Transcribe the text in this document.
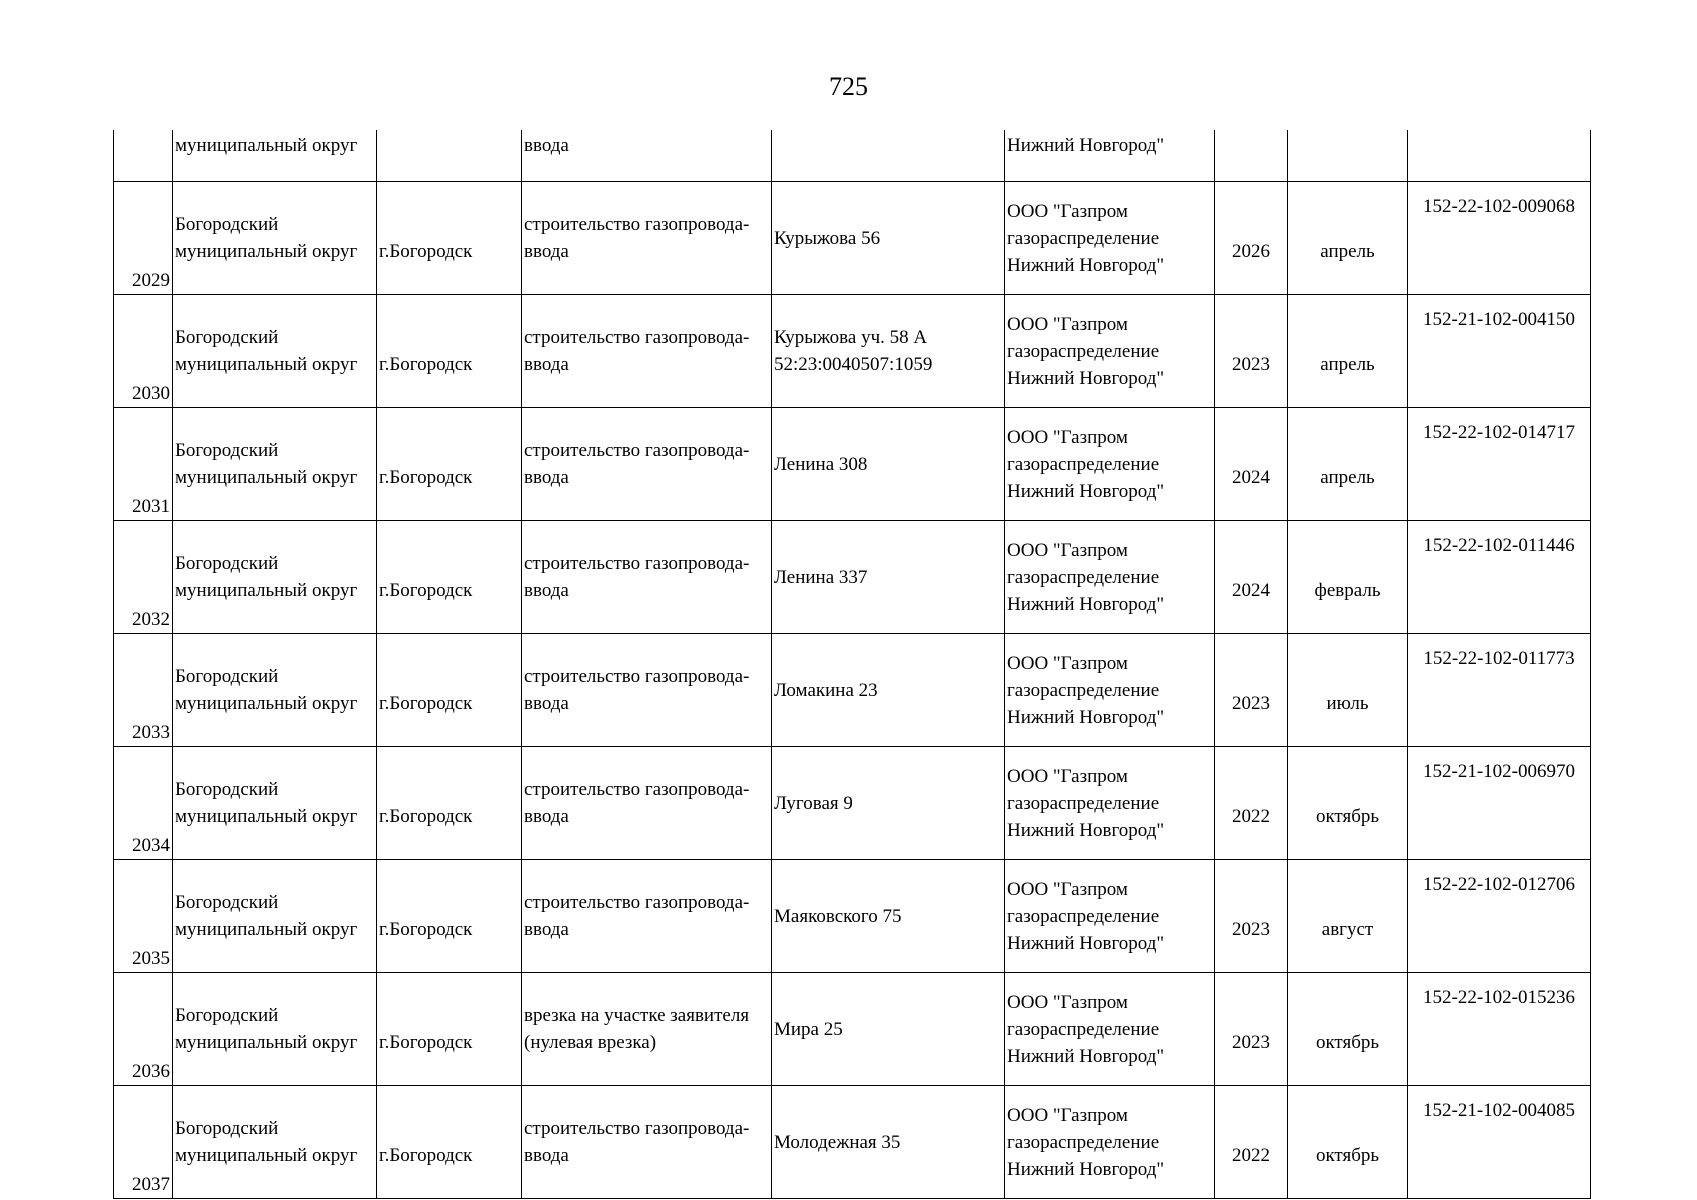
725
	муниципальный округ		ввода		Нижний Новгород"			
2029	Богородский
муниципальный округ	г.Богородск	строительство газопровода-
ввода	Курыжова 56	ООО "Газпром
газораспределение
Нижний Новгород"	2026	апрель	152-22-102-009068
2030	Богородский
муниципальный округ	г.Богородск	строительство газопровода-
ввода	Курыжова уч. 58 А
52:23:0040507:1059	ООО "Газпром
газораспределение
Нижний Новгород"	2023	апрель	152-21-102-004150
2031	Богородский
муниципальный округ	г.Богородск	строительство газопровода-
ввода	Ленина 308	ООО "Газпром
газораспределение
Нижний Новгород"	2024	апрель	152-22-102-014717
2032	Богородский
муниципальный округ	г.Богородск	строительство газопровода-
ввода	Ленина 337	ООО "Газпром
газораспределение
Нижний Новгород"	2024	февраль	152-22-102-011446
2033	Богородский
муниципальный округ	г.Богородск	строительство газопровода-
ввода	Ломакина 23	ООО "Газпром
газораспределение
Нижний Новгород"	2023	июль	152-22-102-011773
2034	Богородский
муниципальный округ	г.Богородск	строительство газопровода-
ввода	Луговая 9	ООО "Газпром
газораспределение
Нижний Новгород"	2022	октябрь	152-21-102-006970
2035	Богородский
муниципальный округ	г.Богородск	строительство газопровода-
ввода	Маяковского 75	ООО "Газпром
газораспределение
Нижний Новгород"	2023	август	152-22-102-012706
2036	Богородский
муниципальный округ	г.Богородск	врезка на участке заявителя
(нулевая врезка)	Мира 25	ООО "Газпром
газораспределение
Нижний Новгород"	2023	октябрь	152-22-102-015236
2037	Богородский
муниципальный округ	г.Богородск	строительство газопровода-
ввода	Молодежная 35	ООО "Газпром
газораспределение
Нижний Новгород"	2022	октябрь	152-21-102-004085
